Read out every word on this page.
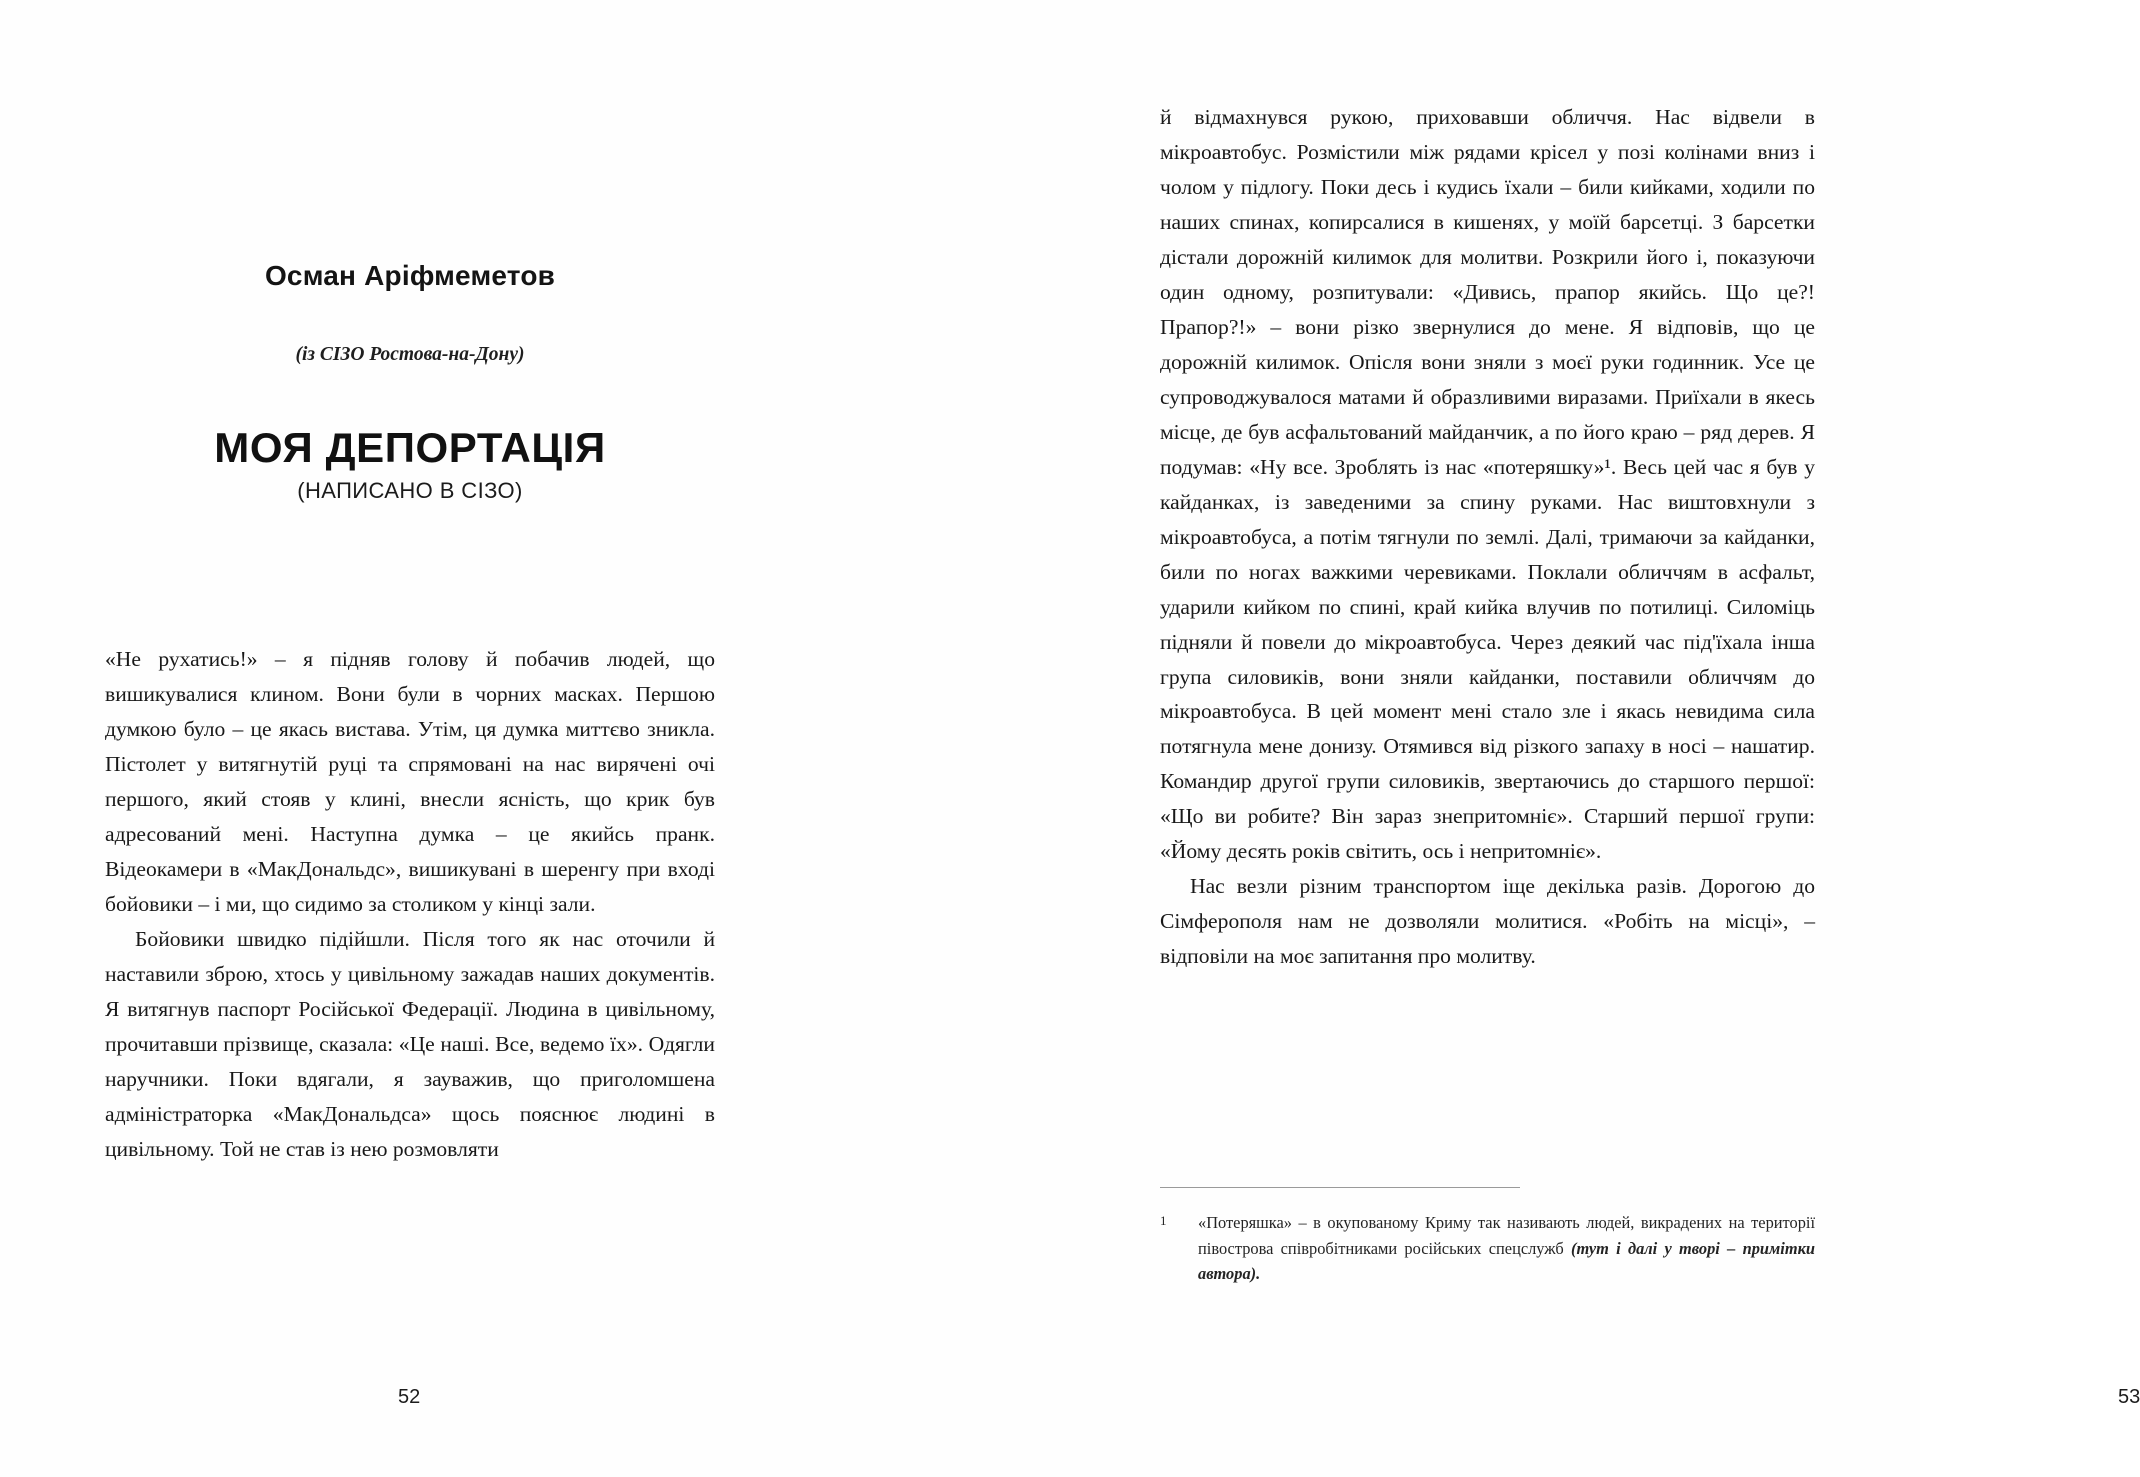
Осман Аріфмеметов
(із СІЗО Ростова-на-Дону)
МОЯ ДЕПОРТАЦІЯ
(НАПИСАНО В СІЗО)

«Не рухатись!» – я підняв голову й побачив людей, що вишикувалися клином. Вони були в чорних масках. Першою думкою було – це якась вистава. Утім, ця думка миттєво зникла. Пістолет у витягнутій руці та спрямовані на нас вирячені очі першого, який стояв у клині, внесли ясність, що крик був адресований мені. Наступна думка – це якийсь пранк. Відеокамери в «МакДональдс», вишикувані в шеренгу при вході бойовики – і ми, що сидимо за столиком у кінці зали.

Бойовики швидко підійшли. Після того як нас оточили й наставили зброю, хтось у цивільному зажадав наших документів. Я витягнув паспорт Російської Федерації. Людина в цивільному, прочитавши прізвище, сказала: «Це наші. Все, ведемо їх». Одягли наручники. Поки вдягали, я зауважив, що приголомшена адміністраторка «МакДональдса» щось пояснює людині в цивільному. Той не став із нею розмовляти

52

й відмахнувся рукою, приховавши обличчя. Нас відвели в мікроавтобус. Розмістили між рядами крісел у позі колінами вниз і чолом у підлогу. Поки десь і кудись їхали – били кийками, ходили по наших спинах, копирсалися в кишенях, у моїй барсетці. З барсетки дістали дорожній килимок для молитви. Розкрили його і, показуючи один одному, розпитували: «Дивись, прапор якийсь. Що це?! Прапор?!» – вони різко звернулися до мене. Я відповів, що це дорожній килимок. Опісля вони зняли з моєї руки годинник. Усе це супроводжувалося матами й образливими виразами. Приїхали в якесь місце, де був асфальтований майданчик, а по його краю – ряд дерев. Я подумав: «Ну все. Зроблять із нас «потеряшку»¹. Весь цей час я був у кайданках, із заведеними за спину руками. Нас виштовхнули з мікроавтобуса, а потім тягнули по землі. Далі, тримаючи за кайданки, били по ногах важкими черевиками. Поклали обличчям в асфальт, ударили кийком по спині, край кийка влучив по потилиці. Силоміць підняли й повели до мікроавтобуса. Через деякий час під'їхала інша група силовиків, вони зняли кайданки, поставили обличчям до мікроавтобуса. В цей момент мені стало зле і якась невидима сила потягнула мене донизу. Отямився від різкого запаху в носі – нашатир. Командир другої групи силовиків, звертаючись до старшого першої: «Що ви робите? Він зараз знепритомніє». Старший першої групи: «Йому десять років світить, ось і непритомніє».

Нас везли різним транспортом іще декілька разів. Дорогою до Сімферополя нам не дозволяли молитися. «Робіть на місці», – відповіли на моє запитання про молитву.

1	«Потеряшка» – в окупованому Криму так називають людей, викрадених на території півострова співробітниками російських спецслужб (тут і далі у творі – примітки автора).
53
